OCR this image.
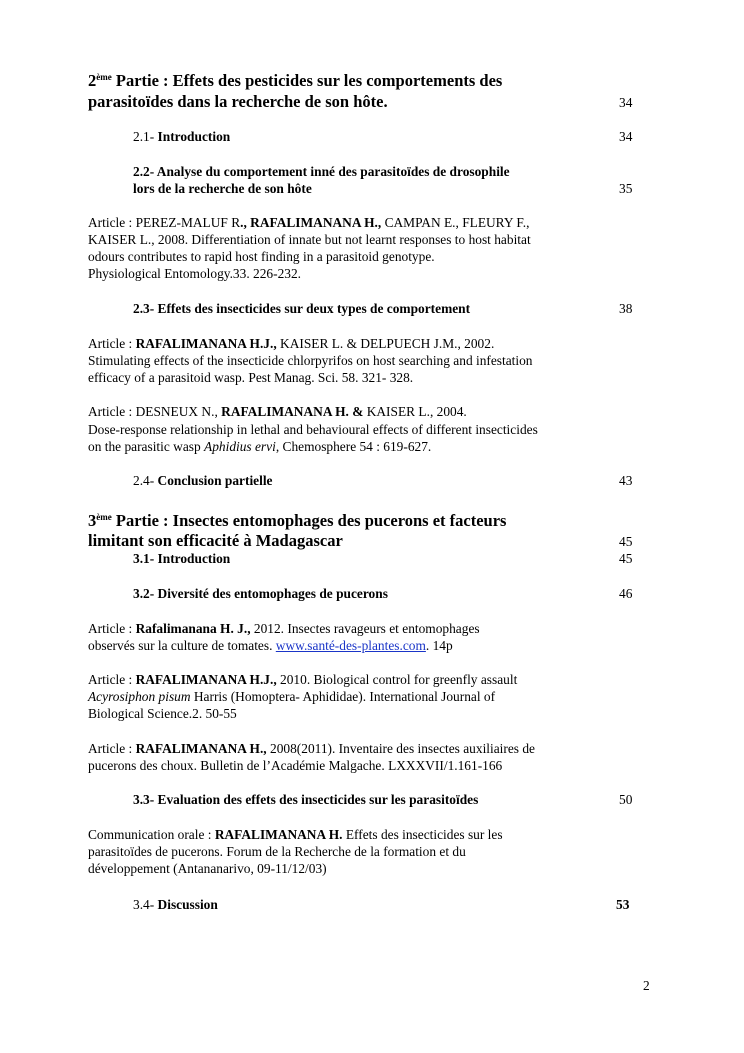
2ème Partie : Effets des pesticides sur les comportements des
parasitoïdes dans la recherche de son hôte.	34
2.1- Introduction	34
2.2- Analyse du comportement inné des parasitoïdes de drosophile
lors de la recherche de son hôte	35
Article : PEREZ-MALUF R., RAFALIMANANA H., CAMPAN E., FLEURY F.,
KAISER L., 2008. Differentiation of innate but not learnt responses to host habitat
odours contributes to rapid host finding in a parasitoid genotype.
Physiological Entomology.33. 226-232.
2.3- Effets des insecticides sur deux types de comportement	38
Article : RAFALIMANANA H.J., KAISER L. & DELPUECH J.M., 2002.
Stimulating effects of the insecticide chlorpyrifos on host searching and infestation
efficacy of a parasitoid wasp. Pest Manag. Sci. 58. 321- 328.
Article : DESNEUX N., RAFALIMANANA H. & KAISER L., 2004.
Dose-response relationship in lethal and behavioural effects of different insecticides
on the parasitic wasp Aphidius ervi, Chemosphere 54 : 619-627.
2.4- Conclusion partielle	43
3ème Partie : Insectes entomophages des pucerons et facteurs
limitant son efficacité à Madagascar	45
3.1- Introduction	45
3.2- Diversité des entomophages de pucerons	46
Article : Rafalimanana H. J., 2012. Insectes ravageurs et entomophages
observés sur la culture de tomates. www.santé-des-plantes.com. 14p
Article : RAFALIMANANA H.J., 2010. Biological control for greenfly assault
Acyrosiphon pisum Harris (Homoptera- Aphididae). International Journal of
Biological Science.2. 50-55
Article : RAFALIMANANA H., 2008(2011). Inventaire des insectes auxiliaires de
pucerons des choux. Bulletin de l’Académie Malgache. LXXXVII/1.161-166
3.3- Evaluation des effets des insecticides sur les parasitoïdes	50
Communication orale : RAFALIMANANA H. Effets des insecticides sur les
parasitoïdes de pucerons. Forum de la Recherche de la formation et du
développement (Antananarivo, 09-11/12/03)
3.4- Discussion	53
2
